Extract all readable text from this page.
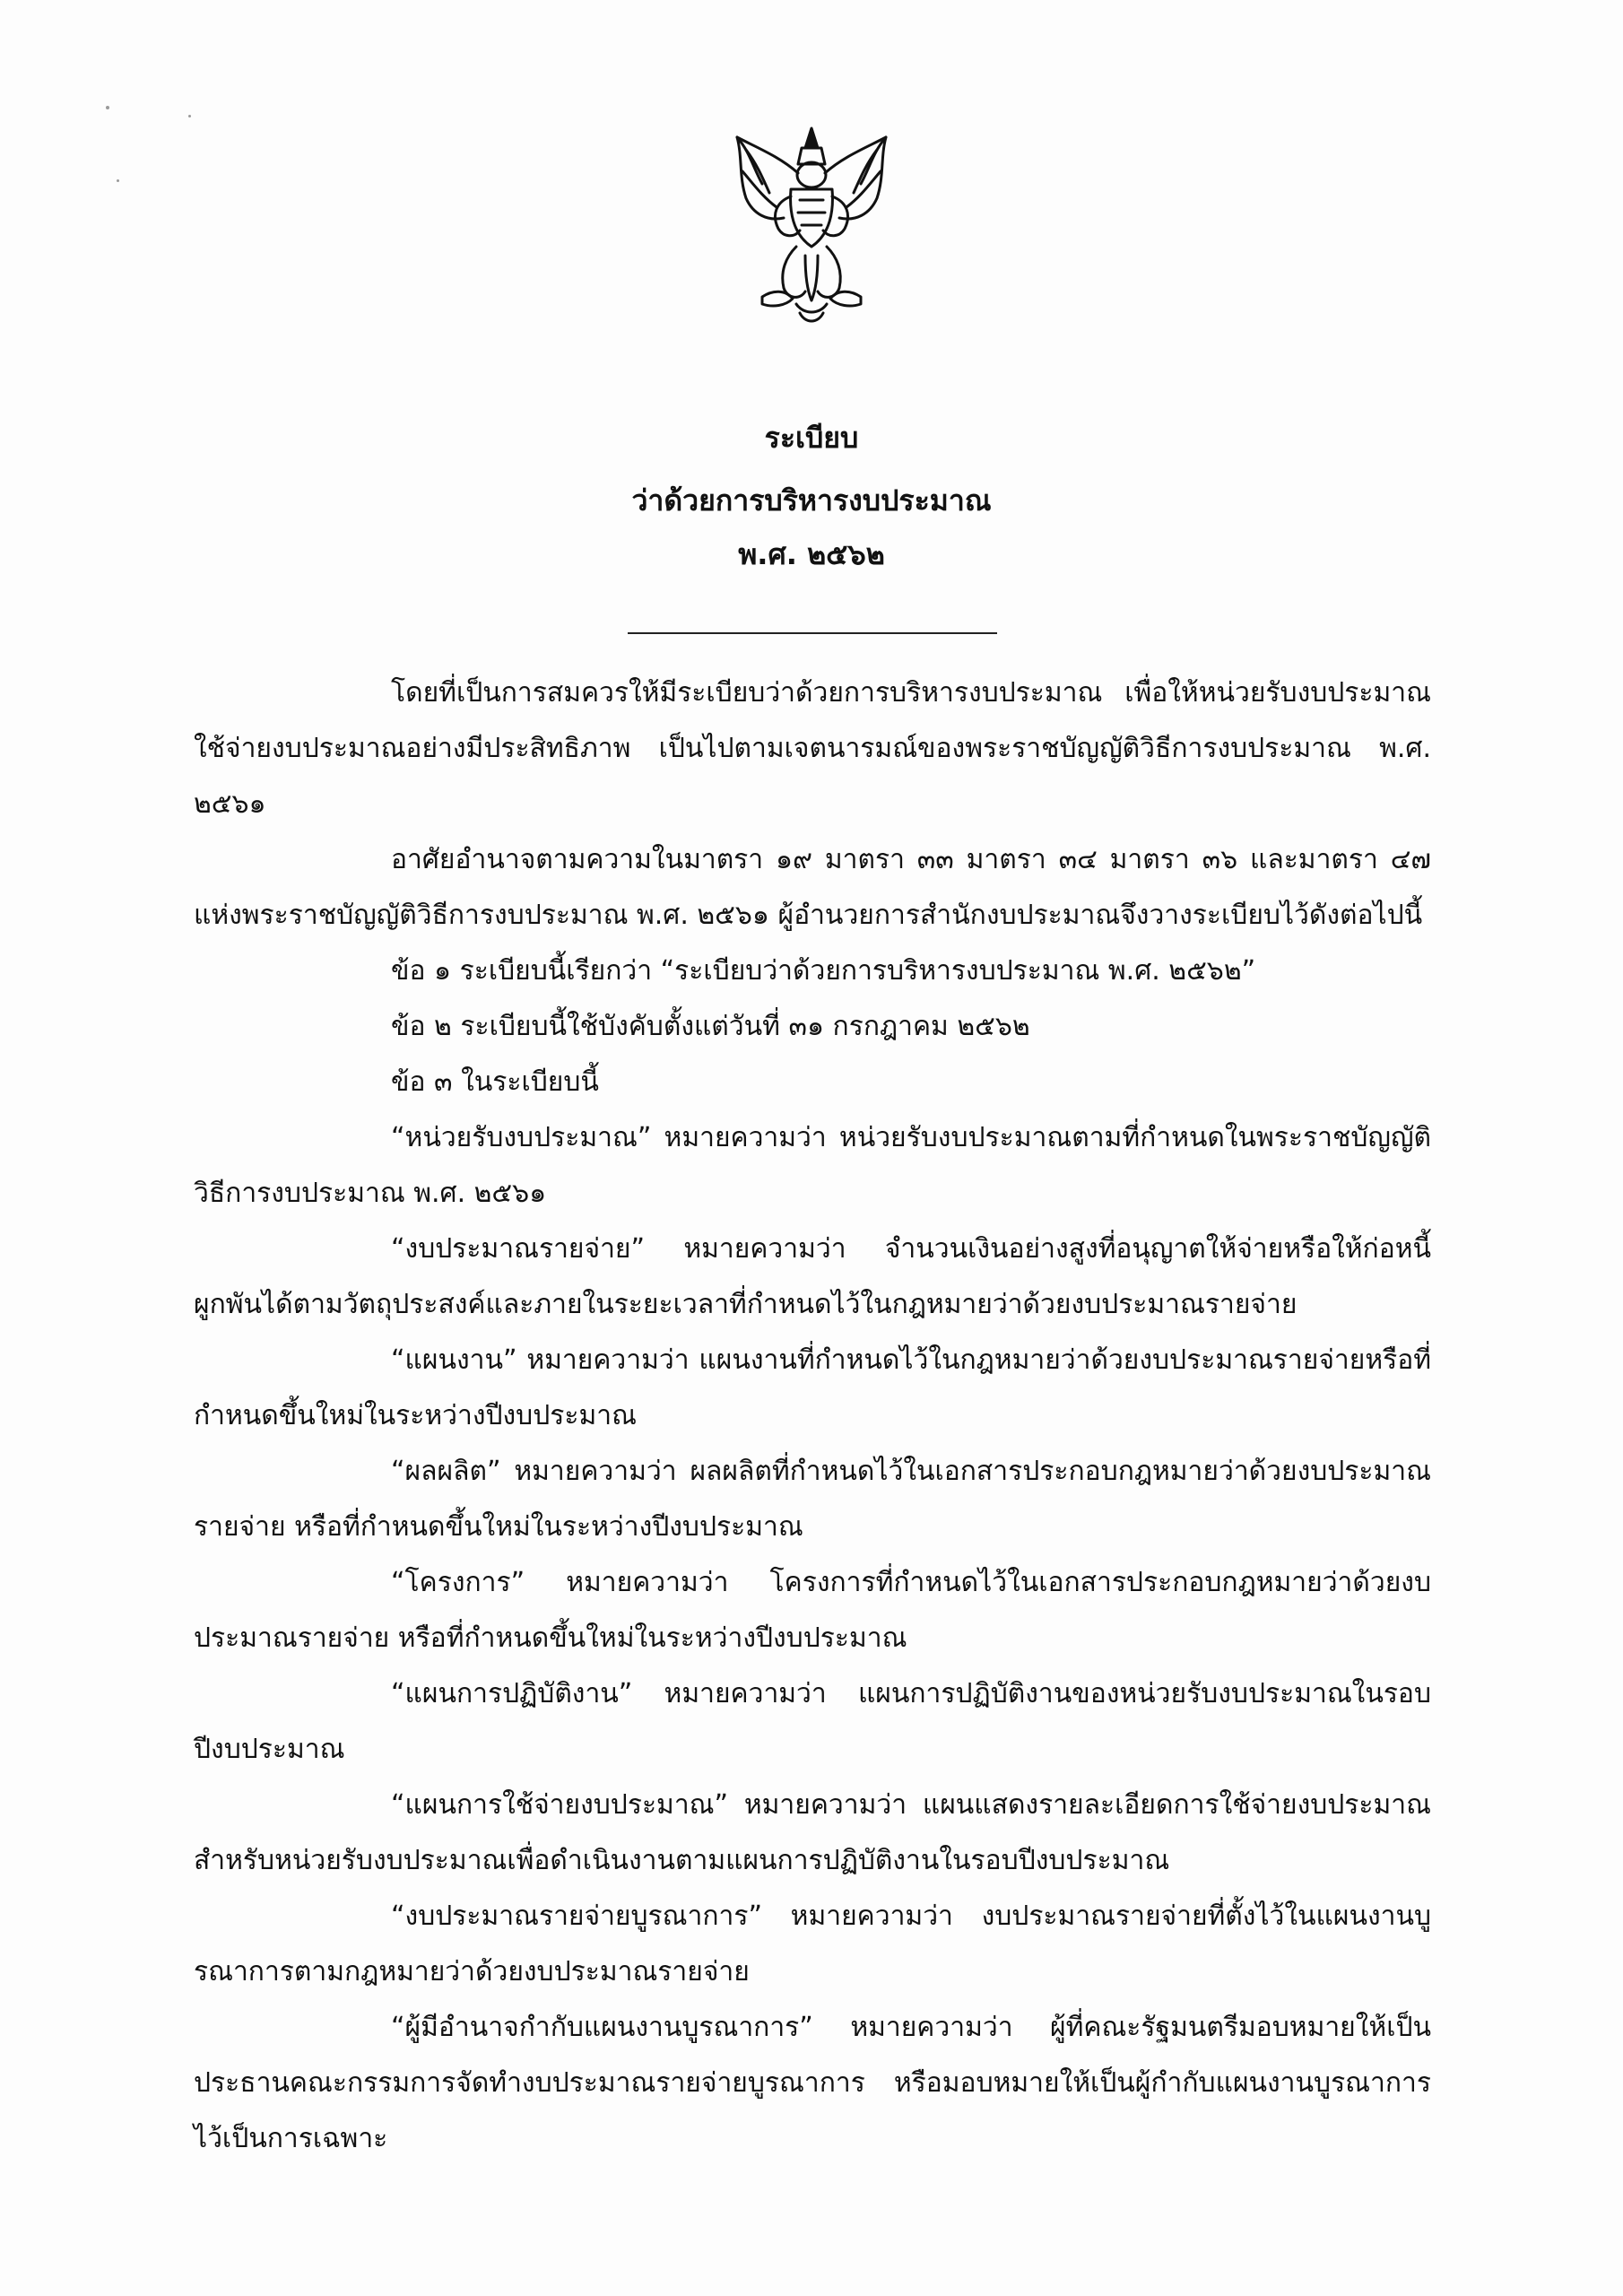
ระเบียบ
ว่าด้วยการบริหารงบประมาณ
พ.ศ. ๒๕๖๒

โดยที่เป็นการสมควรให้มีระเบียบว่าด้วยการบริหารงบประมาณ เพื่อให้หน่วยรับงบประมาณใช้จ่ายงบประมาณอย่างมีประสิทธิภาพ เป็นไปตามเจตนารมณ์ของพระราชบัญญัติวิธีการงบประมาณ พ.ศ. ๒๕๖๑

อาศัยอำนาจตามความในมาตรา ๑๙ มาตรา ๓๓ มาตรา ๓๔ มาตรา ๓๖ และมาตรา ๔๗ แห่งพระราชบัญญัติวิธีการงบประมาณ พ.ศ. ๒๕๖๑ ผู้อำนวยการสำนักงบประมาณจึงวางระเบียบไว้ดังต่อไปนี้

ข้อ ๑ ระเบียบนี้เรียกว่า “ระเบียบว่าด้วยการบริหารงบประมาณ พ.ศ. ๒๕๖๒”

ข้อ ๒ ระเบียบนี้ใช้บังคับตั้งแต่วันที่ ๓๑ กรกฎาคม ๒๕๖๒

ข้อ ๓ ในระเบียบนี้

“หน่วยรับงบประมาณ” หมายความว่า หน่วยรับงบประมาณตามที่กำหนดในพระราชบัญญัติวิธีการงบประมาณ พ.ศ. ๒๕๖๑

“งบประมาณรายจ่าย” หมายความว่า จำนวนเงินอย่างสูงที่อนุญาตให้จ่ายหรือให้ก่อหนี้ผูกพันได้ตามวัตถุประสงค์และภายในระยะเวลาที่กำหนดไว้ในกฎหมายว่าด้วยงบประมาณรายจ่าย

“แผนงาน” หมายความว่า แผนงานที่กำหนดไว้ในกฎหมายว่าด้วยงบประมาณรายจ่ายหรือที่กำหนดขึ้นใหม่ในระหว่างปีงบประมาณ

“ผลผลิต” หมายความว่า ผลผลิตที่กำหนดไว้ในเอกสารประกอบกฎหมายว่าด้วยงบประมาณรายจ่าย หรือที่กำหนดขึ้นใหม่ในระหว่างปีงบประมาณ

“โครงการ” หมายความว่า โครงการที่กำหนดไว้ในเอกสารประกอบกฎหมายว่าด้วยงบประมาณรายจ่าย หรือที่กำหนดขึ้นใหม่ในระหว่างปีงบประมาณ

“แผนการปฏิบัติงาน” หมายความว่า แผนการปฏิบัติงานของหน่วยรับงบประมาณในรอบปีงบประมาณ

“แผนการใช้จ่ายงบประมาณ” หมายความว่า แผนแสดงรายละเอียดการใช้จ่ายงบประมาณสำหรับหน่วยรับงบประมาณเพื่อดำเนินงานตามแผนการปฏิบัติงานในรอบปีงบประมาณ

“งบประมาณรายจ่ายบูรณาการ” หมายความว่า งบประมาณรายจ่ายที่ตั้งไว้ในแผนงานบูรณาการตามกฎหมายว่าด้วยงบประมาณรายจ่าย

“ผู้มีอำนาจกำกับแผนงานบูรณาการ” หมายความว่า ผู้ที่คณะรัฐมนตรีมอบหมายให้เป็นประธานคณะกรรมการจัดทำงบประมาณรายจ่ายบูรณาการ หรือมอบหมายให้เป็นผู้กำกับแผนงานบูรณาการไว้เป็นการเฉพาะ
